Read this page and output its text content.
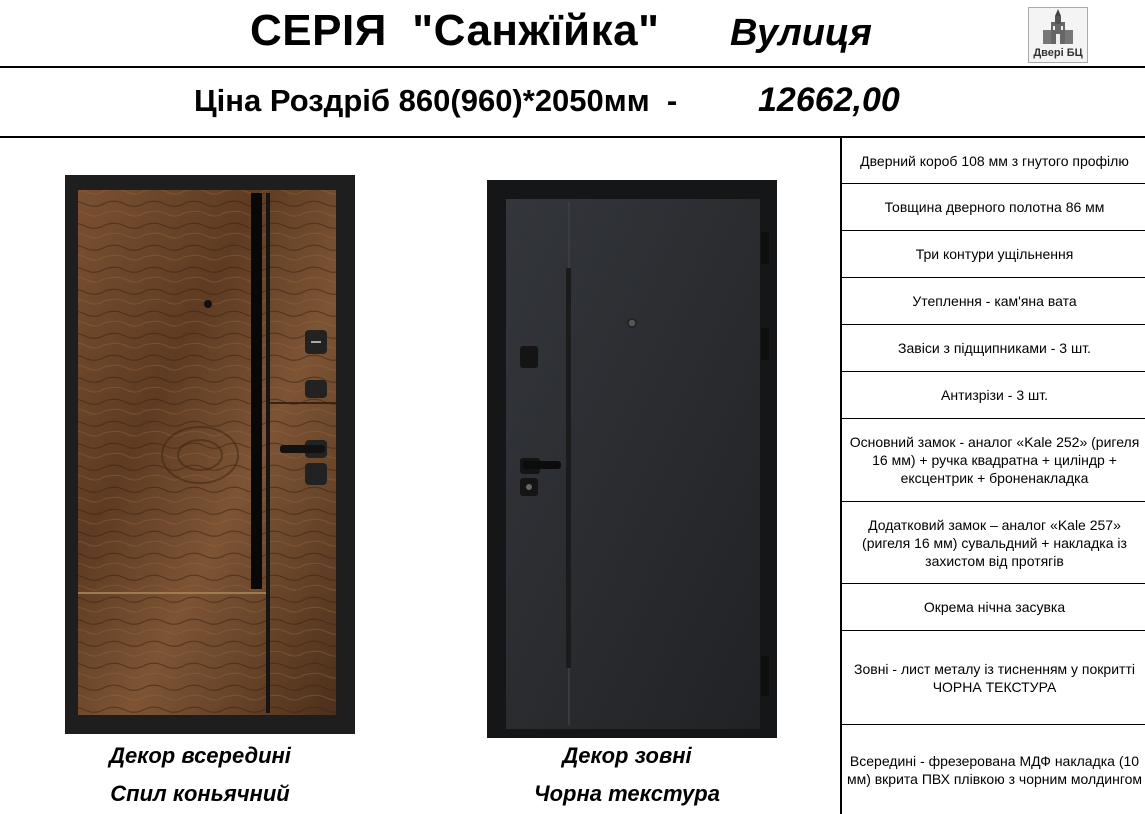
СЕРІЯ  "Санжїйка" Вулиця	Двері БЦ
Ціна Роздріб 860(960)*2050мм  - 12662,00
Декор всередині
Спил коньячний
Декор зовні
Чорна текстура
Дверний короб 108 мм з гнутого профілю
Товщина дверного полотна 86 мм
Три контури ущільнення
Утеплення - кам'яна вата
Завіси з підщипниками - 3 шт.
Антизрізи - 3 шт.
Основний замок - аналог «Kale 252» (ригеля 16 мм) + ручка квадратна + циліндр + ексцентрик + броненакладка
Додатковий замок – аналог «Kale 257» (ригеля 16 мм) сувальдний + накладка із захистом від протягів
Окрема нічна засувка
Зовні - лист металу із тисненням у покритті ЧОРНА ТЕКСТУРА
Всередині - фрезерована МДФ накладка (10 мм) вкрита ПВХ плівкою з чорним молдингом
